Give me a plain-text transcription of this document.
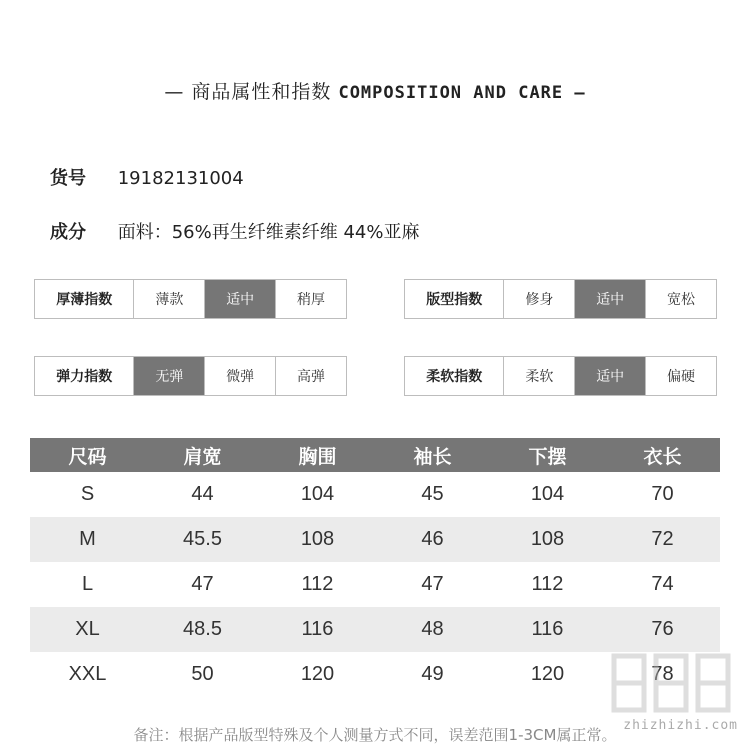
— 商品属性和指数 COMPOSITION AND CARE —
货号 19182131004
成分 面料：56%再生纤维素纤维 44%亚麻
厚薄指数	薄款	适中	稍厚	版型指数	修身	适中	宽松
弹力指数	无弹	微弹	高弹	柔软指数	柔软	适中	偏硬
尺码	肩宽	胸围	袖长	下摆	衣长
S	44	104	45	104	70
M	45.5	108	46	108	72
L	47	112	47	112	74
XL	48.5	116	48	116	76
XXL	50	120	49	120	78
备注：根据产品版型特殊及个人测量方式不同，误差范围1-3CM属正常。
zhizhizhi.com
